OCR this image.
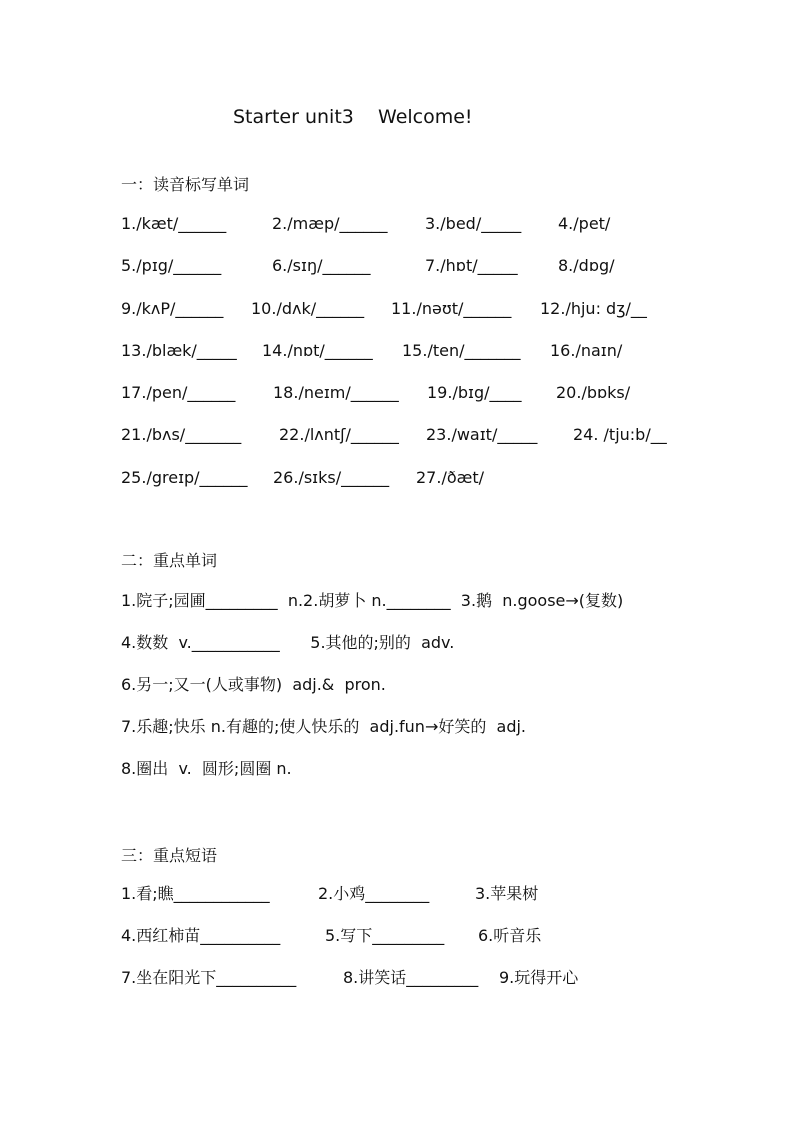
Starter unit3    Welcome!
一：读音标写单词
1./kæt/______	2./mæp/______ 3./bed/_____ 4./pet/
5./pɪg/______	6./sɪŋ/______	7./hɒt/_____	8./dɒg/
9./kʌP/______ 10./dʌk/______ 11./nəʊt/______ 12./hju: dʒ/__
13./blæk/_____ 14./nɒt/______ 15./ten/_______ 16./naɪn/
17./pen/______ 18./neɪm/______ 19./bɪg/____ 20./bɒks/
21./bʌs/_______ 22./lʌntʃ/______ 23./waɪt/_____ 24. /tju:b/__
25./greɪp/______ 26./sɪks/______ 27./ðæt/
二：重点单词
1.院子;园圃_________  n.2.胡萝卜 n.________  3.鹅  n.goose→(复数)
4.数数  v.___________      5.其他的;别的  adv.
6.另一;又一(人或事物)  adj.&  pron.
7.乐趣;快乐 n.有趣的;使人快乐的  adj.fun→好笑的  adj.
8.圈出  v.  圆形;圆圈 n.
三：重点短语
1.看;瞧____________	2.小鸡________	3.苹果树
4.西红柿苗__________	5.写下_________ 6.听音乐
7.坐在阳光下__________	8.讲笑话_________ 9.玩得开心
